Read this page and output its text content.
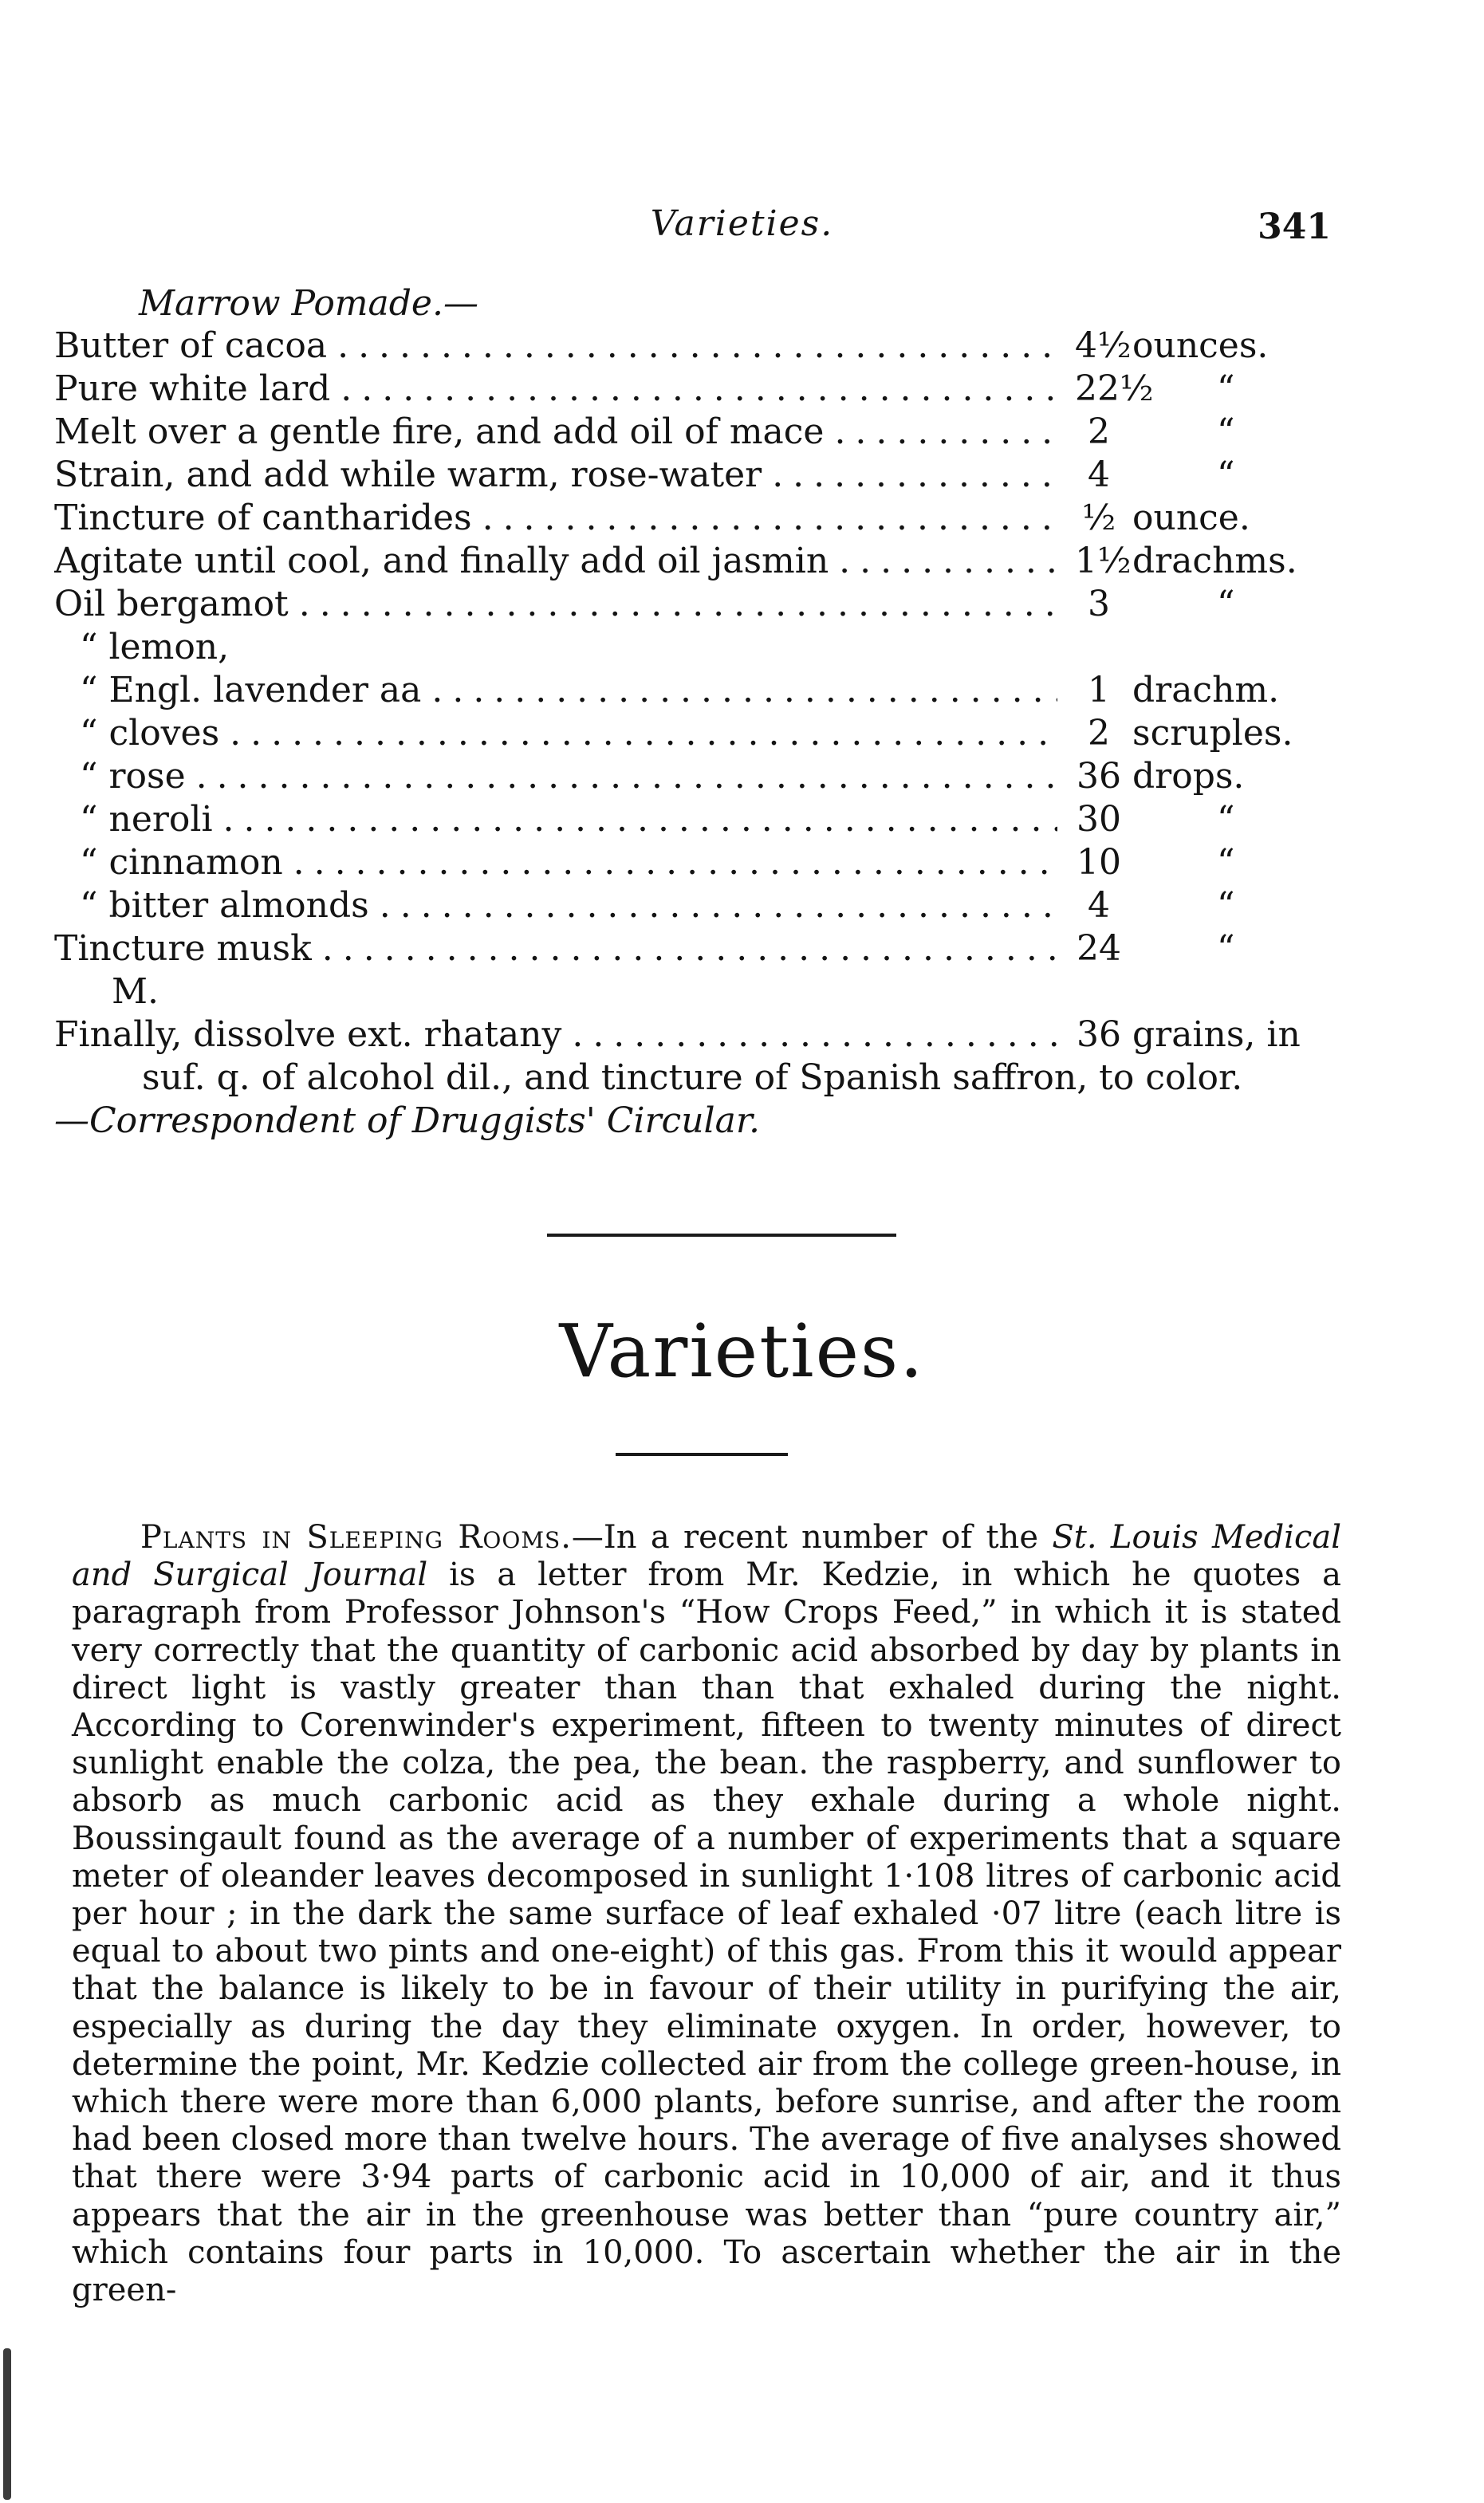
Varieties.	341
Marrow Pomade.—
Butter of cacoa . . .	4½ ounces.
Pure white lard . . .	22½ “
Melt over a gentle fire, and add oil of mace . . .	2	“
Strain, and add while warm, rose-water . . .	4	“
Tincture of cantharides . . .	½ ounce.
Agitate until cool, and finally add oil jasmin . . .	1½ drachms.
Oil bergamot . . .	3	“
“ lemon,
“ Engl. lavender aa . . .	1 drachm.
“ cloves . . .	2 scruples.
“ rose . . .	36 drops.
“ neroli . . .	30	“
“ cinnamon . . .	10	“
“ bitter almonds . . .	4	“
Tincture musk . . .	24	“
M.
Finally, dissolve ext. rhatany . . .	36 grains, in
suf. q. of alcohol dil., and tincture of Spanish saffron, to color.
—Correspondent of Druggists' Circular.
Varieties.
Plants in Sleeping Rooms.—In a recent number of the St. Louis Medical and Surgical Journal is a letter from Mr. Kedzie, in which he quotes a paragraph from Professor Johnson's “How Crops Feed,” in which it is stated very correctly that the quantity of carbonic acid absorbed by day by plants in direct light is vastly greater than than that exhaled during the night. According to Corenwinder's experiment, fifteen to twenty minutes of direct sunlight enable the colza, the pea, the bean. the raspberry, and sunflower to absorb as much carbonic acid as they exhale during a whole night. Boussingault found as the average of a number of experiments that a square meter of oleander leaves decomposed in sunlight 1·108 litres of carbonic acid per hour ; in the dark the same surface of leaf exhaled ·07 litre (each litre is equal to about two pints and one-eight) of this gas. From this it would appear that the balance is likely to be in favour of their utility in purifying the air, especially as during the day they eliminate oxygen. In order, however, to determine the point, Mr. Kedzie collected air from the college green-house, in which there were more than 6,000 plants, before sunrise, and after the room had been closed more than twelve hours. The average of five analyses showed that there were 3·94 parts of carbonic acid in 10,000 of air, and it thus appears that the air in the greenhouse was better than “pure country air,” which contains four parts in 10,000. To ascertain whether the air in the green-
